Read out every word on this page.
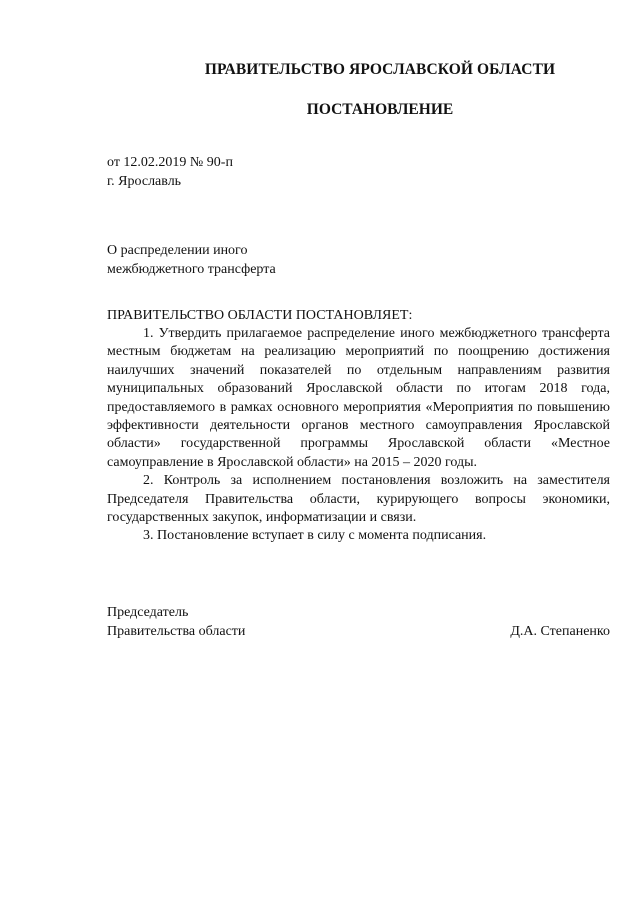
ПРАВИТЕЛЬСТВО ЯРОСЛАВСКОЙ ОБЛАСТИ
ПОСТАНОВЛЕНИЕ
от 12.02.2019 № 90-п
г. Ярославль
О распределении иного
межбюджетного трансферта
ПРАВИТЕЛЬСТВО ОБЛАСТИ ПОСТАНОВЛЯЕТ:

1. Утвердить прилагаемое распределение иного межбюджетного трансферта местным бюджетам на реализацию мероприятий по поощрению достижения наилучших значений показателей по отдельным направлениям развития муниципальных образований Ярославской области по итогам 2018 года, предоставляемого в рамках основного мероприятия «Мероприятия по повышению эффективности деятельности органов местного самоуправления Ярославской области» государственной программы Ярославской области «Местное самоуправление в Ярославской области» на 2015 – 2020 годы.

2. Контроль за исполнением постановления возложить на заместителя Председателя Правительства области, курирующего вопросы экономики, государственных закупок, информатизации и связи.

3. Постановление вступает в силу с момента подписания.

Председатель
Правительства области	Д.А. Степаненко
